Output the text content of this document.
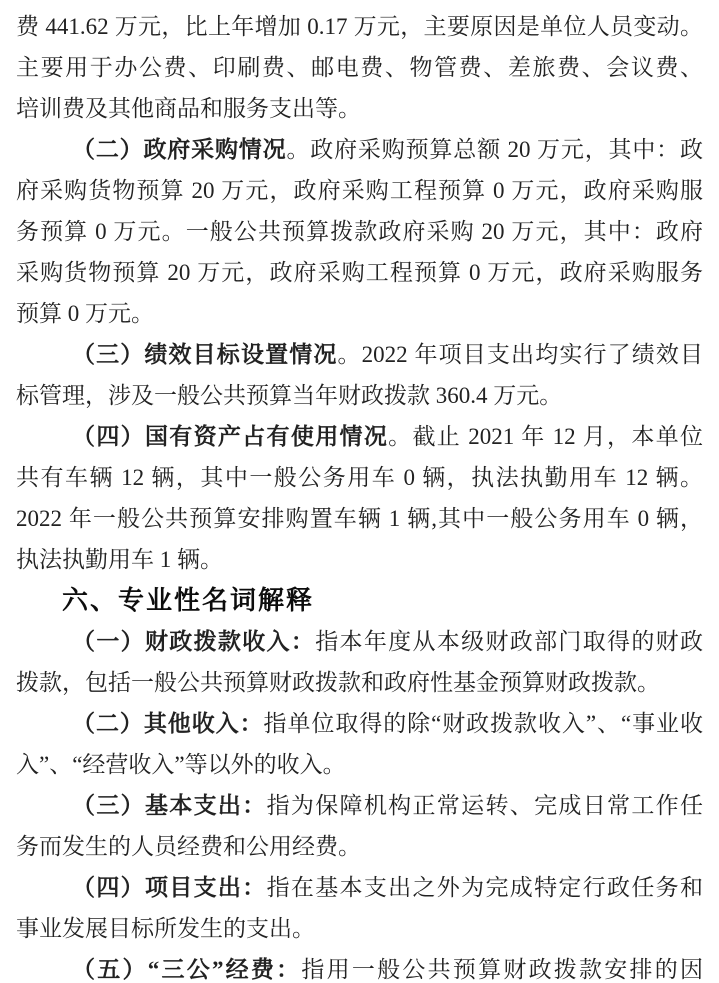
费 441.62 万元，比上年增加 0.17 万元，主要原因是单位人员变动。
主要用于办公费、印刷费、邮电费、物管费、差旅费、会议费、
培训费及其他商品和服务支出等。
（二）政府采购情况。政府采购预算总额 20 万元，其中：政
府采购货物预算 20 万元，政府采购工程预算 0 万元，政府采购服
务预算 0 万元。一般公共预算拨款政府采购 20 万元，其中：政府
采购货物预算 20 万元，政府采购工程预算 0 万元，政府采购服务
预算 0 万元。
（三）绩效目标设置情况。2022 年项目支出均实行了绩效目
标管理，涉及一般公共预算当年财政拨款 360.4 万元。
（四）国有资产占有使用情况。截止 2021 年 12 月，本单位
共有车辆 12 辆，其中一般公务用车 0 辆，执法执勤用车 12 辆。
2022 年一般公共预算安排购置车辆 1 辆,其中一般公务用车 0 辆，
执法执勤用车 1 辆。
六、专业性名词解释
（一）财政拨款收入：指本年度从本级财政部门取得的财政
拨款，包括一般公共预算财政拨款和政府性基金预算财政拨款。
（二）其他收入：指单位取得的除“财政拨款收入”、“事业收
入”、“经营收入”等以外的收入。
（三）基本支出：指为保障机构正常运转、完成日常工作任
务而发生的人员经费和公用经费。
（四）项目支出：指在基本支出之外为完成特定行政任务和
事业发展目标所发生的支出。
（五）“三公”经费：指用一般公共预算财政拨款安排的因
